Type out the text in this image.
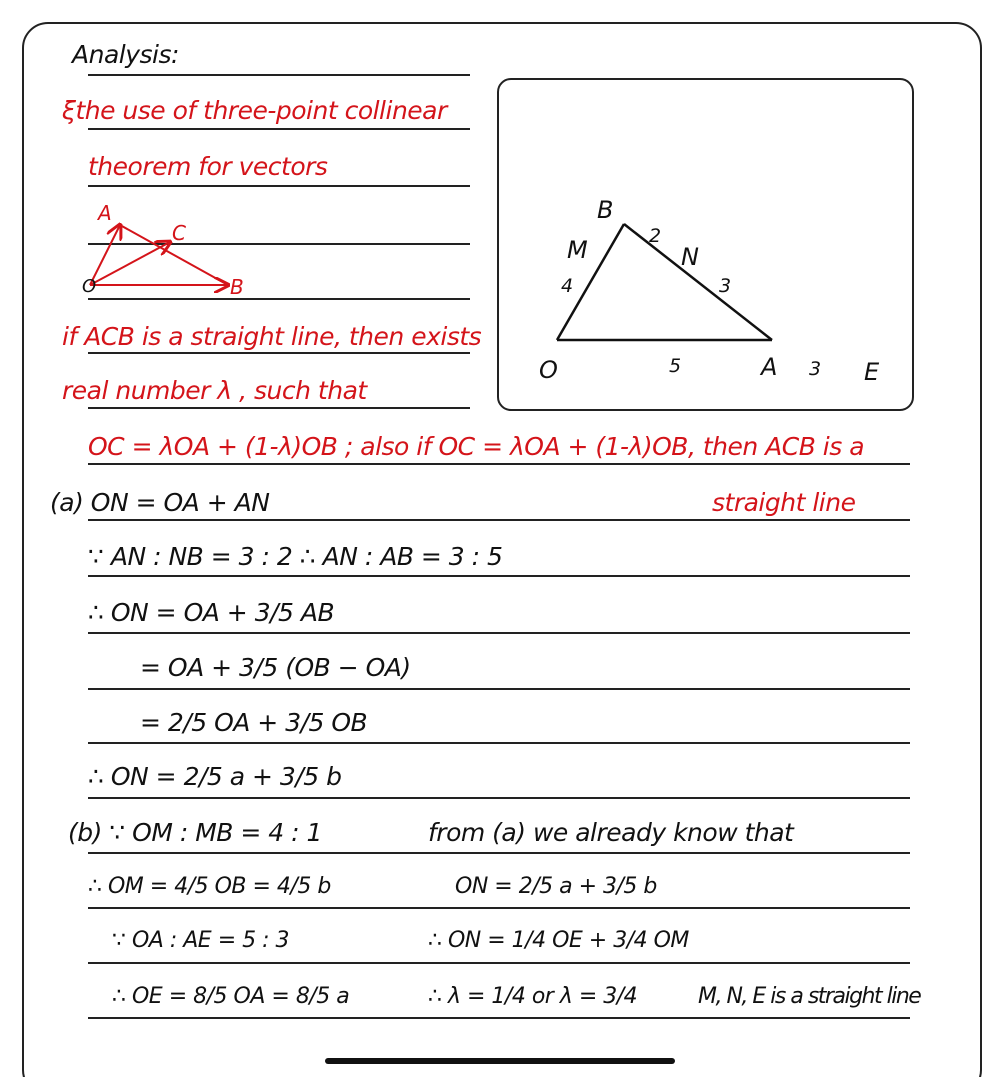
Analysis:
ξthe use of three-point collinear
theorem for vectors
A
C
O	B
if ACB is a straight line, then exists
real number λ , such that
OC = λOA + (1-λ)OB ; also if OC = λOA + (1-λ)OB, then ACB is a
straight line
B
M	N
O	A	E
2
4	3
5	3
(a) ON = OA + AN
∵ AN : NB = 3 : 2 ∴ AN : AB = 3 : 5
∴ ON = OA + 3/5 AB
= OA + 3/5 (OB − OA)
= 2/5 OA + 3/5 OB
∴ ON = 2/5 a + 3/5 b
(b) ∵ OM : MB = 4 : 1
∴ OM = 4/5 OB = 4/5 b
∵ OA : AE = 5 : 3
∴ OE = 8/5 OA = 8/5 a
from (a) we already know that
ON = 2/5 a + 3/5 b
∴ ON = 1/4 OE + 3/4 OM
∴ λ = 1/4 or λ = 3/4	M, N, E is a straight line
